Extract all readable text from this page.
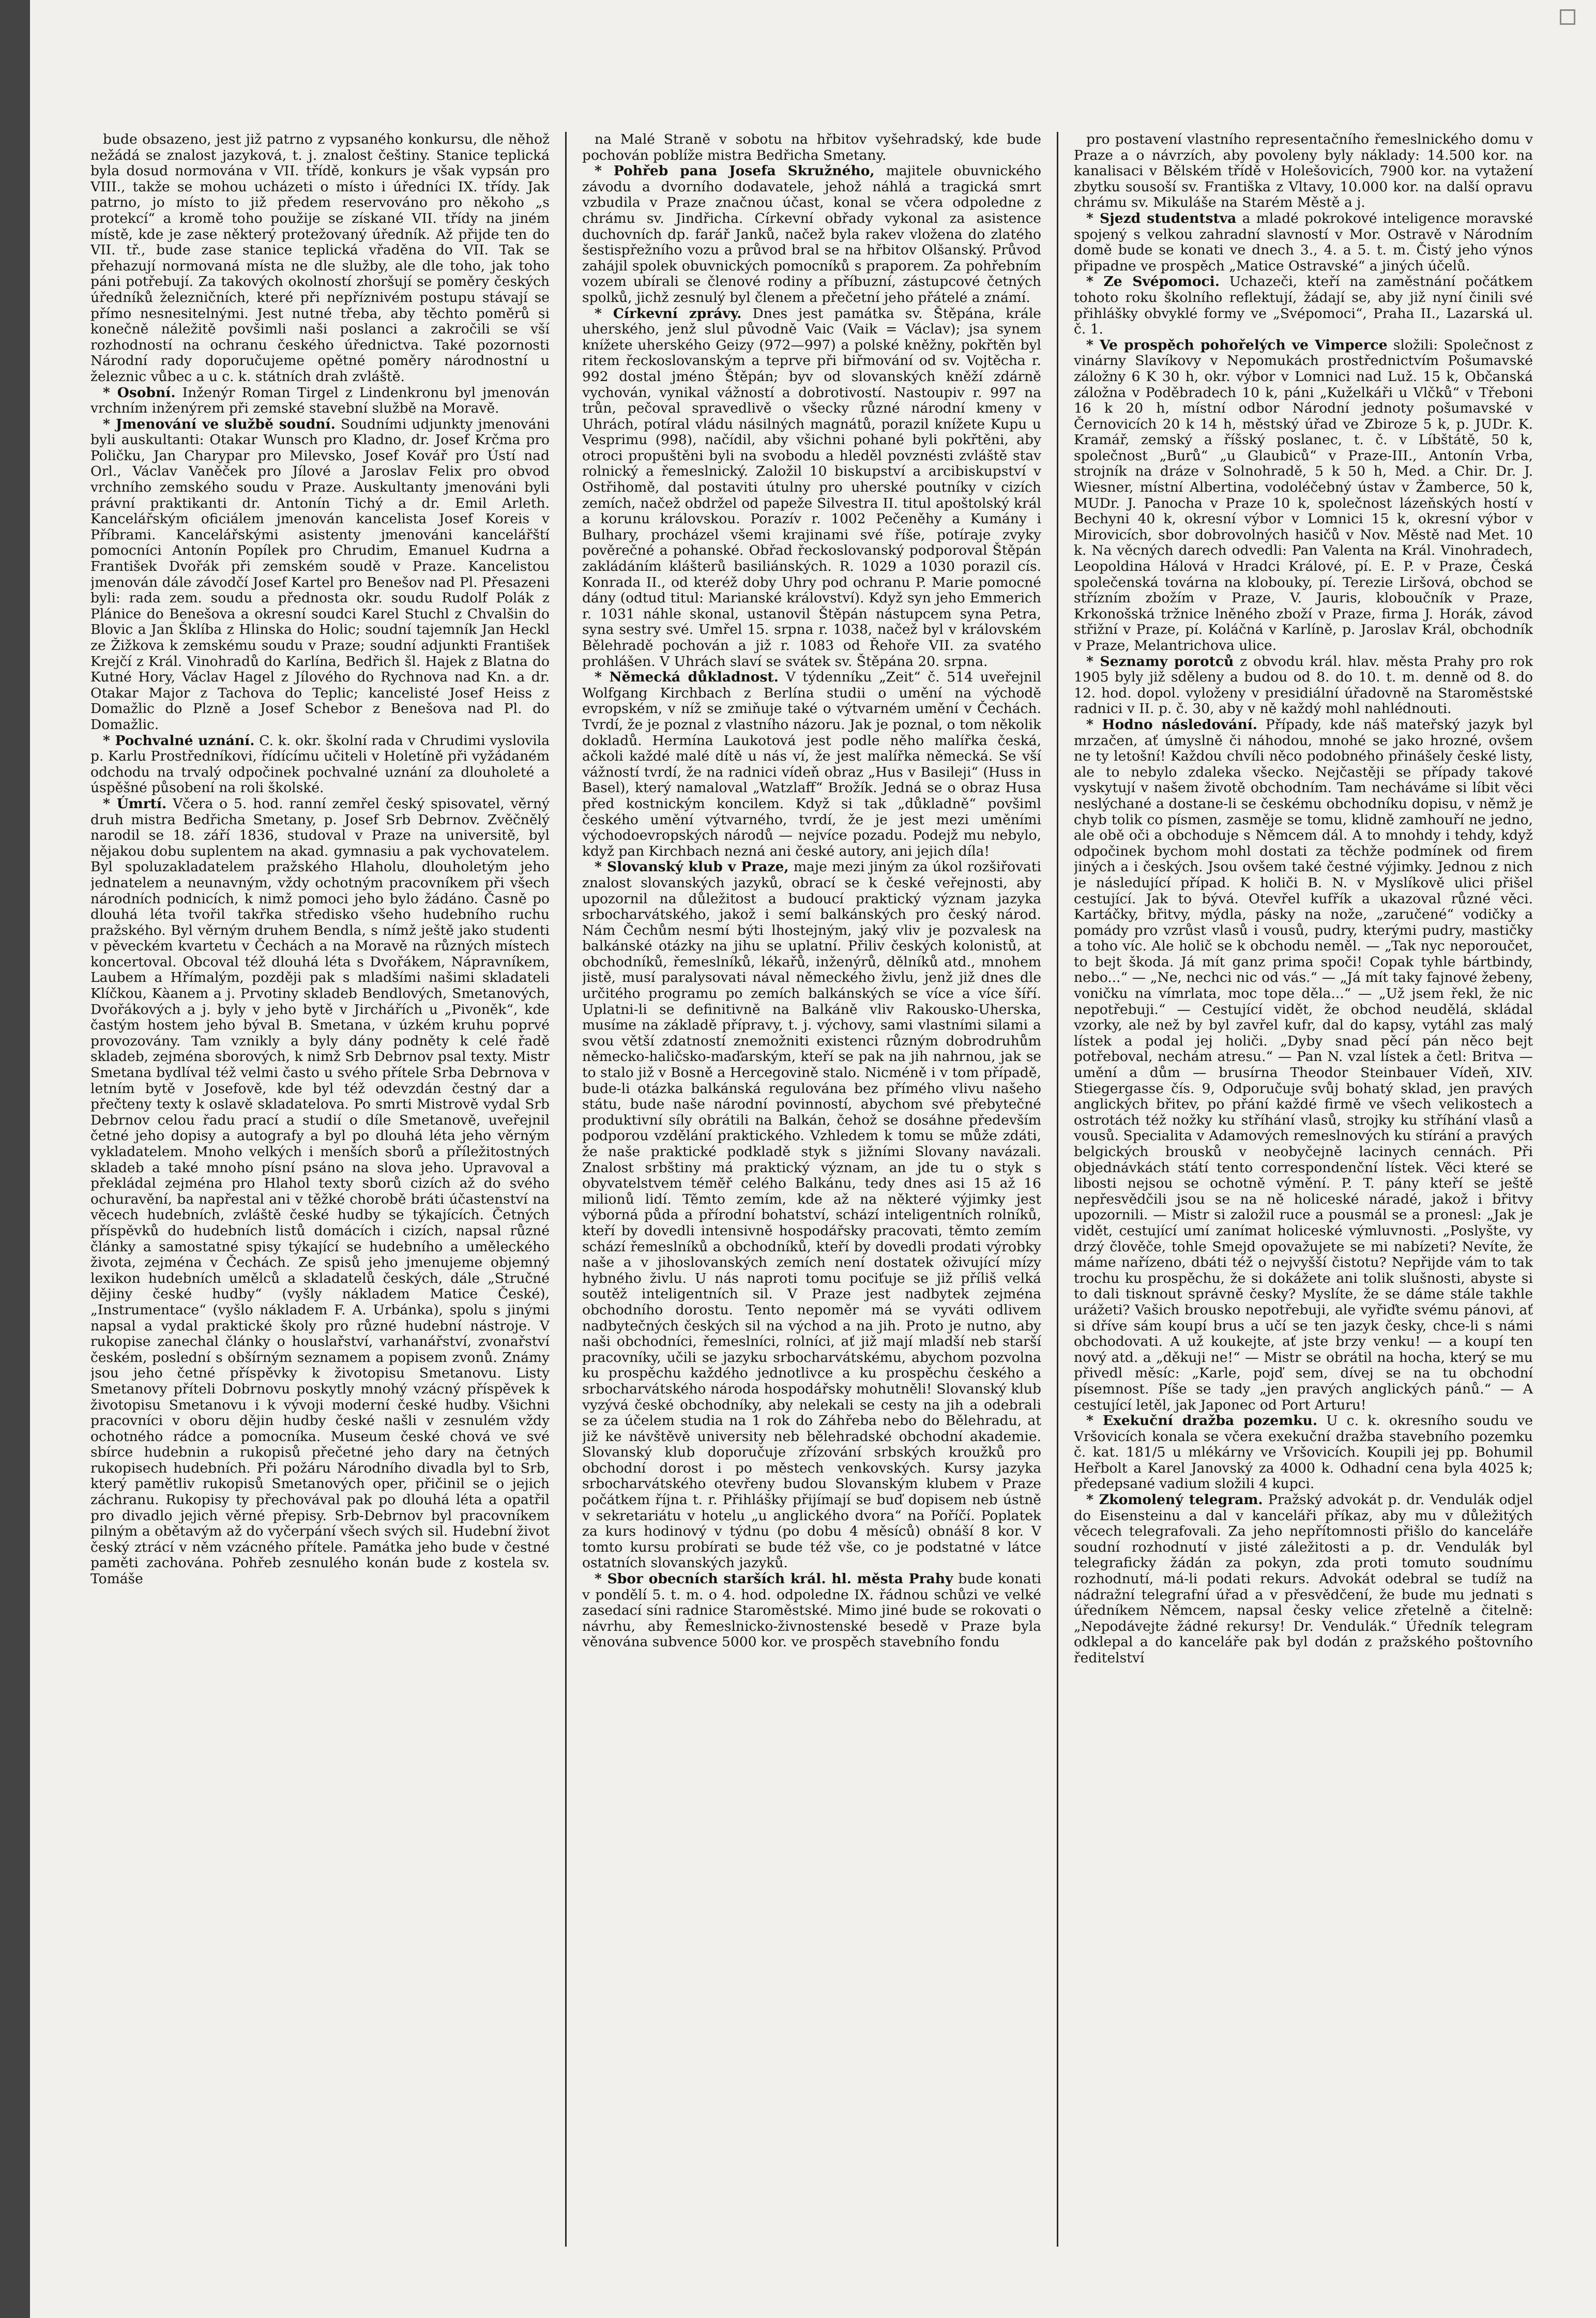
bude obsazeno, jest již patrno z vypsaného konkursu, dle něhož nežádá se znalost jazyková, t. j. znalost češtiny. Stanice teplická byla dosud normována v VII. třídě, konkurs je však vypsán pro VIII., takže se mohou ucházeti o místo i úředníci IX. třídy. Jak patrno, jo místo to již předem reservováno pro někoho „s protekcí“ a kromě toho použije se získané VII. třídy na jiném místě, kde je zase některý protežovaný úředník. Až přijde ten do VII. tř., bude zase stanice teplická vřaděna do VII. Tak se přehazují normovaná místa ne dle služby, ale dle toho, jak toho páni potřebují. Za takových okolností zhoršují se poměry českých úředníků železničních, které při nepříznivém postupu stávají se přímo nesnesitelnými. Jest nutné třeba, aby těchto poměrů si konečně náležitě povšimli naši poslanci a zakročili se vší rozhodností na ochranu českého úřednictva. Také pozornosti Národní rady doporučujeme opětné poměry národnostní u železnic vůbec a u c. k. státních drah zvláště.

* Osobní. Inženýr Roman Tirgel z Lindenkronu byl jmenován vrchním inženýrem při zemské stavební službě na Moravě.

* Jmenování ve službě soudní. Soudními udjunkty jmenováni byli auskultanti: Otakar Wunsch pro Kladno, dr. Josef Krčma pro Poličku, Jan Charypar pro Milevsko, Josef Kovář pro Ústí nad Orl., Václav Vaněček pro Jílové a Jaroslav Felix pro obvod vrchního zemského soudu v Praze. Auskultanty jmenováni byli právní praktikanti dr. Antonín Tichý a dr. Emil Arleth. Kancelářským oficiálem jmenován kancelista Josef Koreis v Příbrami. Kancelářskými asistenty jmenováni kancelářští pomocníci Antonín Popílek pro Chrudim, Emanuel Kudrna a František Dvořák při zemském soudě v Praze. Kancelistou jmenován dále závodčí Josef Kartel pro Benešov nad Pl. Přesazeni byli: rada zem. soudu a přednosta okr. soudu Rudolf Polák z Plánice do Benešova a okresní soudci Karel Stuchl z Chvalšin do Blovic a Jan Šklíba z Hlinska do Holic; soudní tajemník Jan Heckl ze Žižkova k zemskému soudu v Praze; soudní adjunkti František Krejčí z Král. Vinohradů do Karlína, Bedřich šl. Hajek z Blatna do Kutné Hory, Václav Hagel z Jílového do Rychnova nad Kn. a dr. Otakar Major z Tachova do Teplic; kancelisté Josef Heiss z Domažlic do Plzně a Josef Schebor z Benešova nad Pl. do Domažlic.

* Pochvalné uznání. C. k. okr. školní rada v Chrudimi vyslovila p. Karlu Prostředníkovi, řídícímu učiteli v Holetíně při vyžádaném odchodu na trvalý odpočinek pochvalné uznání za dlouholeté a úspěšné působení na roli školské.

* Úmrtí. Včera o 5. hod. ranní zemřel český spisovatel, věrný druh mistra Bedřicha Smetany, p. Josef Srb Debrnov. Zvěčnělý narodil se 18. září 1836, studoval v Praze na universitě, byl nějakou dobu suplentem na akad. gymnasiu a pak vychovatelem. Byl spoluzakladatelem pražského Hlaholu, dlouholetým jeho jednatelem a neunavným, vždy ochotným pracovníkem při všech národních podnicích, k nimž pomoci jeho bylo žádáno. Časně po dlouhá léta tvořil takřka středisko všeho hudebního ruchu pražského. Byl věrným druhem Bendla, s nímž ještě jako studenti v pěveckém kvartetu v Čechách a na Moravě na různých místech koncertoval. Obcoval též dlouhá léta s Dvořákem, Nápravníkem, Laubem a Hřímalým, později pak s mladšími našimi skladateli Klíčkou, Kàanem a j. Prvotiny skladeb Bendlových, Smetanových, Dvořákových a j. byly v jeho bytě v Jirchářích u „Pivoněk“, kde častým hostem jeho býval B. Smetana, v úzkém kruhu poprvé provozovány. Tam vznikly a byly dány podněty k celé řadě skladeb, zejména sborových, k nimž Srb Debrnov psal texty. Mistr Smetana bydlíval též velmi často u svého přítele Srba Debrnova v letním bytě v Josefově, kde byl též odevzdán čestný dar a přečteny texty k oslavě skladatelova. Po smrti Mistrově vydal Srb Debrnov celou řadu prací a studií o díle Smetanově, uveřejnil četné jeho dopisy a autografy a byl po dlouhá léta jeho věrným vykladatelem. Mnoho velkých i menších sborů a příležitostných skladeb a také mnoho písní psáno na slova jeho. Upravoval a překládal zejména pro Hlahol texty sborů cizích až do svého ochuravění, ba napřestal ani v těžké chorobě bráti účastenství na věcech hudebních, zvláště české hudby se týkajících. Četných příspěvků do hudebních listů domácích i cizích, napsal různé články a samostatné spisy týkající se hudebního a uměleckého života, zejména v Čechách. Ze spisů jeho jmenujeme objemný lexikon hudebních umělců a skladatelů českých, dále „Stručné dějiny české hudby“ (vyšly nákladem Matice České), „Instrumentace“ (vyšlo nákladem F. A. Urbánka), spolu s jinými napsal a vydal praktické školy pro různé hudební nástroje. V rukopise zanechal články o houslařství, varhanářství, zvonařství českém, poslední s obšírným seznamem a popisem zvonů. Známy jsou jeho četné příspěvky k životopisu Smetanovu. Listy Smetanovy příteli Dobrnovu poskytly mnohý vzácný příspěvek k životopisu Smetanovu i k vývoji moderní české hudby. Všichni pracovníci v oboru dějin hudby české našli v zesnulém vždy ochotného rádce a pomocníka. Museum české chová ve své sbírce hudebnin a rukopisů přečetné jeho dary na četných rukopisech hudebních. Při požáru Národního divadla byl to Srb, který pamětliv rukopisů Smetanových oper, přičinil se o jejich záchranu. Rukopisy ty přechovával pak po dlouhá léta a opatřil pro divadlo jejich věrné přepisy. Srb-Debrnov byl pracovníkem pilným a obětavým až do vyčerpání všech svých sil. Hudební život český ztrácí v něm vzácného přítele. Památka jeho bude v čestné paměti zachována. Pohřeb zesnulého konán bude z kostela sv. Tomáše

na Malé Straně v sobotu na hřbitov vyšehradský, kde bude pochován poblíže mistra Bedřicha Smetany.

* Pohřeb pana Josefa Skružného, majitele obuvnického závodu a dvorního dodavatele, jehož náhlá a tragická smrt vzbudila v Praze značnou účast, konal se včera odpoledne z chrámu sv. Jindřicha. Církevní obřady vykonal za asistence duchovních dp. farář Janků, načež byla rakev vložena do zlatého šestispřežního vozu a průvod bral se na hřbitov Olšanský. Průvod zahájil spolek obuvnických pomocníků s praporem. Za pohřebním vozem ubírali se členové rodiny a příbuzní, zástupcové četných spolků, jichž zesnulý byl členem a přečetní jeho přátelé a známí.

* Církevní zprávy. Dnes jest památka sv. Štěpána, krále uherského, jenž slul původně Vaic (Vaik = Václav); jsa synem knížete uherského Geizy (972—997) a polské kněžny, pokřtěn byl ritem řeckoslovanským a teprve při biřmování od sv. Vojtěcha r. 992 dostal jméno Štěpán; byv od slovanských kněží zdárně vychován, vynikal vážností a dobrotivostí. Nastoupiv r. 997 na trůn, pečoval spravedlivě o všecky různé národní kmeny v Uhrách, potíral vládu násilných magnátů, porazil knížete Kupu u Vesprimu (998), načídil, aby všichni pohané byli pokřtěni, aby otroci propuštěni byli na svobodu a hleděl povznésti zvláště stav rolnický a řemeslnický. Založil 10 biskupství a arcibiskupství v Ostřihomě, dal postaviti útulny pro uherské poutníky v cizích zemích, načež obdržel od papeže Silvestra II. titul apoštolský král a korunu královskou. Porazív r. 1002 Pečeněhy a Kumány i Bulhary, procházel všemi krajinami své říše, potíraje zvyky pověrečné a pohanské. Obřad řeckoslovanský podporoval Štěpán zakládáním klášterů basiliánských. R. 1029 a 1030 porazil cís. Konrada II., od kteréž doby Uhry pod ochranu P. Marie pomocné dány (odtud titul: Marianské království). Když syn jeho Emmerich r. 1031 náhle skonal, ustanovil Štěpán nástupcem syna Petra, syna sestry své. Umřel 15. srpna r. 1038, načež byl v královském Bělehradě pochován a již r. 1083 od Řehoře VII. za svatého prohlášen. V Uhrách slaví se svátek sv. Štěpána 20. srpna.

* Německá důkladnost. V týdenníku „Zeit“ č. 514 uveřejnil Wolfgang Kirchbach z Berlína studii o umění na východě evropském, v níž se zmiňuje také o výtvarném umění v Čechách. Tvrdí, že je poznal z vlastního názoru. Jak je poznal, o tom několik dokladů. Hermína Laukotová jest podle něho malířka česká, ačkoli každé malé dítě u nás ví, že jest malířka německá. Se vší vážností tvrdí, že na radnici vídeň obraz „Hus v Basileji“ (Huss in Basel), který namaloval „Watzlaff“ Brožík. Jedná se o obraz Husa před kostnickým koncilem. Když si tak „důkladně“ povšiml českého umění výtvarného, tvrdí, že je jest mezi uměními východoevropských národů — nejvíce pozadu. Podejž mu nebylo, když pan Kirchbach nezná ani české autory, ani jejich díla!

* Slovanský klub v Praze, maje mezi jiným za úkol rozšiřovati znalost slovanských jazyků, obrací se k české veřejnosti, aby upozornil na důležitost a budoucí praktický význam jazyka srbocharvátského, jakož i semí balkánských pro český národ. Nám Čechům nesmí býti lhostejným, jaký vliv je pozvalesk na balkánské otázky na jihu se uplatní. Přiliv českých kolonistů, at obchodníků, řemeslníků, lékařů, inženýrů, dělníků atd., mnohem jistě, musí paralysovati nával německého živlu, jenž již dnes dle určitého programu po zemích balkánských se více a více šíří. Uplatni-li se definitivně na Balkáně vliv Rakousko-Uherska, musíme na základě přípravy, t. j. výchovy, sami vlastními silami a svou větší zdatností znemožniti existenci různým dobrodruhům německo-haličsko-maďarským, kteří se pak na jih nahrnou, jak se to stalo již v Bosně a Hercegovině stalo. Nicméně i v tom případě, bude-li otázka balkánská regulována bez přímého vlivu našeho státu, bude naše národní povinností, abychom své přebytečné produktivní síly obrátili na Balkán, čehož se dosáhne především podporou vzdělání praktického. Vzhledem k tomu se může zdáti, že naše praktické podkladě styk s jižními Slovany navázali. Znalost srbštiny má praktický význam, an jde tu o styk s obyvatelstvem téměř celého Balkánu, tedy dnes asi 15 až 16 milionů lidí. Těmto zemím, kde až na některé výjimky jest výborná půda a přírodní bohatství, schází inteligentních rolníků, kteří by dovedli intensivně hospodářsky pracovati, těmto zemím schází řemeslníků a obchodníků, kteří by dovedli prodati výrobky naše a v jihoslovanských zemích není dostatek oživující mízy hybného živlu. U nás naproti tomu pociťuje se již příliš velká soutěž inteligentních sil. V Praze jest nadbytek zejména obchodního dorostu. Tento nepoměr má se vyváti odlivem nadbytečných českých sil na východ a na jih. Proto je nutno, aby naši obchodníci, řemeslníci, rolníci, ať již mají mladší neb starší pracovníky, učili se jazyku srbocharvátskému, abychom pozvolna ku prospěchu každého jednotlivce a ku prospěchu českého a srbocharvátského národa hospodářsky mohutněli! Slovanský klub vyzývá české obchodníky, aby nelekali se cesty na jih a odebrali se za účelem studia na 1 rok do Záhřeba nebo do Bělehradu, at již ke návštěvě university neb bělehradské obchodní akademie. Slovanský klub doporučuje zřízování srbských kroužků pro obchodní dorost i po městech venkovských. Kursy jazyka srbocharvátského otevřeny budou Slovanským klubem v Praze počátkem října t. r. Přihlášky přijímají se buď dopisem neb ústně v sekretariátu v hotelu „u anglického dvora“ na Poříčí. Poplatek za kurs hodinový v týdnu (po dobu 4 měsíců) obnáší 8 kor. V tomto kursu probírati se bude též vše, co je podstatné v látce ostatních slovanských jazyků.

* Sbor obecních starších král. hl. města Prahy bude konati v pondělí 5. t. m. o 4. hod. odpoledne IX. řádnou schůzi ve velké zasedací síni radnice Staroměstské. Mimo jiné bude se rokovati o návrhu, aby Řemeslnicko-živnostenské besedě v Praze byla věnována subvence 5000 kor. ve prospěch stavebního fondu

pro postavení vlastního representačního řemeslnického domu v Praze a o návrzích, aby povoleny byly náklady: 14.500 kor. na kanalisaci v Bělském třídě v Holešovicích, 7900 kor. na vytažení zbytku sousoší sv. Františka z Vltavy, 10.000 kor. na další opravu chrámu sv. Mikuláše na Starém Městě a j.

* Sjezd studentstva a mladé pokrokové inteligence moravské spojený s velkou zahradní slavností v Mor. Ostravě v Národním domě bude se konati ve dnech 3., 4. a 5. t. m. Čistý jeho výnos připadne ve prospěch „Matice Ostravské“ a jiných účelů.

* Ze Svépomoci. Uchazeči, kteří na zaměstnání počátkem tohoto roku školního reflektují, žádají se, aby již nyní činili své přihlášky obvyklé formy ve „Svépomoci“, Praha II., Lazarská ul. č. 1.

* Ve prospěch pohořelých ve Vimperce složili: Společnost z vinárny Slavíkovy v Nepomukách prostřednictvím Pošumavské záložny 6 K 30 h, okr. výbor v Lomnici nad Luž. 15 k, Občanská záložna v Poděbradech 10 k, páni „Kuželkáři u Vlčků“ v Třeboni 16 k 20 h, místní odbor Národní jednoty pošumavské v Černovicích 20 k 14 h, městský úřad ve Zbiroze 5 k, p. JUDr. K. Kramář, zemský a říšský poslanec, t. č. v Líbštátě, 50 k, společnost „Burů“ „u Glaubiců“ v Praze-III., Antonín Vrba, strojník na dráze v Solnohradě, 5 k 50 h, Med. a Chir. Dr. J. Wiesner, místní Albertina, vodoléčebný ústav v Žamberce, 50 k, MUDr. J. Panocha v Praze 10 k, společnost lázeňských hostí v Bechyni 40 k, okresní výbor v Lomnici 15 k, okresní výbor v Mirovicích, sbor dobrovolných hasičů v Nov. Městě nad Met. 10 k. Na věcných darech odvedli: Pan Valenta na Král. Vinohradech, Leopoldina Hálová v Hradci Králové, pí. E. P. v Praze, Česká společenská továrna na klobouky, pí. Terezie Liršová, obchod se střízním zbožím v Praze, V. Jauris, kloboučník v Praze, Krkonošská tržnice lněného zboží v Praze, firma J. Horák, závod střižní v Praze, pí. Koláčná v Karlíně, p. Jaroslav Král, obchodník v Praze, Melantrichova ulice.

* Seznamy porotců z obvodu král. hlav. města Prahy pro rok 1905 byly již sděleny a budou od 8. do 10. t. m. denně od 8. do 12. hod. dopol. vyloženy v presidiální úřadovně na Staroměstské radnici v II. p. č. 30, aby v ně každý mohl nahlédnouti.

* Hodno následování. Případy, kde náš mateřský jazyk byl mrzačen, ať úmyslně či náhodou, mnohé se jako hrozné, ovšem ne ty letošní! Každou chvíli něco podobného přinášely české listy, ale to nebylo zdaleka všecko. Nejčastěji se případy takové vyskytují v našem životě obchodním. Tam necháváme si líbit věci neslýchané a dostane-li se českému obchodníku dopisu, v němž je chyb tolik co písmen, zasměje se tomu, klidně zamhouří ne jedno, ale obě oči a obchoduje s Němcem dál. A to mnohdy i tehdy, když odpočinek bychom mohl dostati za těchže podmínek od firem jiných a i českých. Jsou ovšem také čestné výjimky. Jednou z nich je následující případ. K holiči B. N. v Myslíkově ulici přišel cestující. Jak to bývá. Otevřel kufřík a ukazoval různé věci. Kartáčky, břitvy, mýdla, pásky na nože, „zaručené“ vodičky a pomády pro vzrůst vlasů i vousů, pudry, kterými pudry, mastičky a toho víc. Ale holič se k obchodu neměl. — „Tak nyc neporoučet, to bejt škoda. Já mít ganz prima spoči! Copak tyhle bártbindy, nebo...“ — „Ne, nechci nic od vás.“ — „Já mít taky fajnové žebeny, voničku na vímrlata, moc tope děla...“ — „Už jsem řekl, že nic nepotřebuji.“ — Cestující vidět, že obchod neudělá, skládal vzorky, ale než by byl zavřel kufr, dal do kapsy, vytáhl zas malý lístek a podal jej holiči. „Dyby snad pěcí pán něco bejt potřeboval, nechám atresu.“ — Pan N. vzal lístek a četl: Britva — umění a dům — brusírna Theodor Steinbauer Vídeň, XIV. Stiegergasse čís. 9, Odporučuje svůj bohatý sklad, jen pravých anglických břitev, po přání každé firmě ve všech velikostech a ostrotách též nožky ku stříhání vlasů, strojky ku stříhání vlasů a vousů. Specialita v Adamových remeslnových ku stírání a pravých belgických brousků v neobyčejně lacinych cennách. Při objednávkách státí tento correspondenční lístek. Věci které se libosti nejsou se ochotně výmění. P. T. pány kteří se ještě nepřesvědčili jsou se na ně holiceské náradé, jakož i břitvy upozornili. — Mistr si založil ruce a pousmál se a pronesl: „Jak je vidět, cestující umí zanímat holiceské výmluvnosti. „Poslyšte, vy drzý člověče, tohle Smejd opovažujete se mi nabízeti? Nevíte, že máme nařízeno, dbáti též o nejvyšší čistotu? Nepřijde vám to tak trochu ku prospěchu, že si dokážete ani tolik slušnosti, abyste si to dali tisknout správně česky? Myslíte, že se dáme stále takhle urážeti? Vašich brousko nepotřebuji, ale vyřiďte svému pánovi, ať si dříve sám koupí brus a učí se ten jazyk česky, chce-li s námi obchodovati. A už koukejte, ať jste brzy venku! — a koupí ten nový atd. a „děkuji ne!“ — Mistr se obrátil na hocha, který se mu přivedl měsíc: „Karle, pojď sem, dívej se na tu obchodní písemnost. Píše se tady „jen pravých anglických pánů.“ — A cestující letěl, jak Japonec od Port Arturu!

* Exekuční dražba pozemku. U c. k. okresního soudu ve Vršovicích konala se včera exekuční dražba stavebního pozemku č. kat. 181/5 u mlékárny ve Vršovicích. Koupili jej pp. Bohumil Heřbolt a Karel Janovský za 4000 k. Odhadní cena byla 4025 k; předepsané vadium složili 4 kupci.

* Zkomolený telegram. Pražský advokát p. dr. Vendulák odjel do Eisensteinu a dal v kanceláři příkaz, aby mu v důležitých věcech telegrafovali. Za jeho nepřítomnosti přišlo do kanceláře soudní rozhodnutí v jisté záležitosti a p. dr. Vendulák byl telegraficky žádán za pokyn, zda proti tomuto soudnímu rozhodnutí, má-li podati rekurs. Advokát odebral se tudíž na nádražní telegrafní úřad a v přesvědčení, že bude mu jednati s úředníkem Němcem, napsal česky velice zřetelně a čitelně: „Nepodávejte žádné rekursy! Dr. Vendulák.“ Úředník telegram odklepal a do kanceláře pak byl dodán z pražského poštovního ředitelství
